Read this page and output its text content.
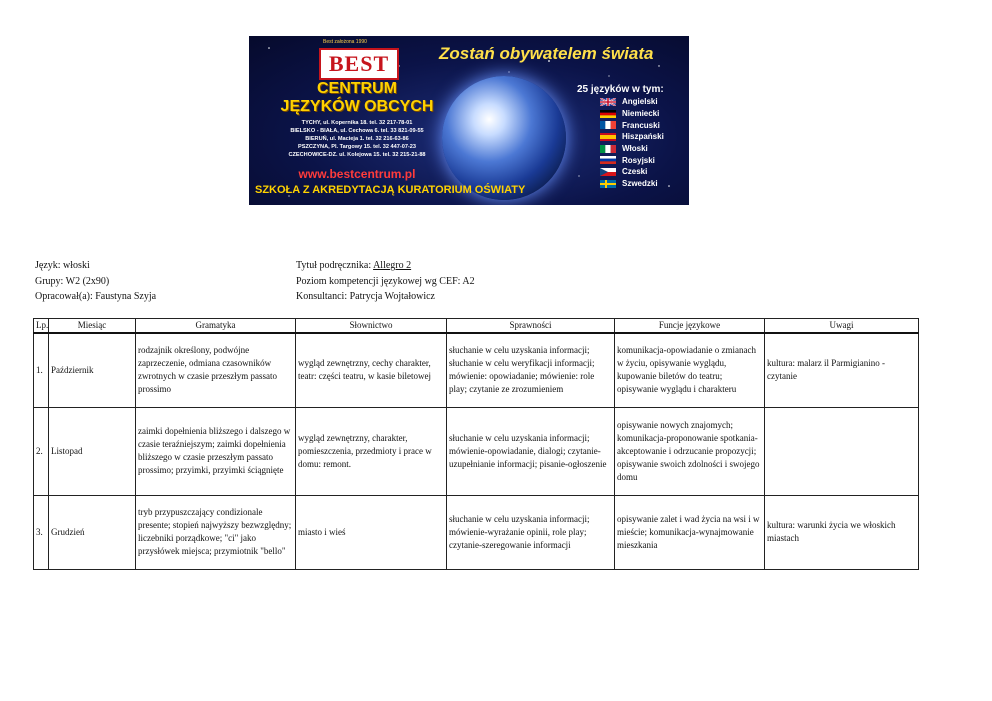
Best założona 1990
BEST	Zostań obywatelem świata
CENTRUM
JĘZYKÓW OBCYCH
TYCHY, ul. Kopernika 18. tel. 32 217-78-01
BIELSKO - BIAŁA, ul. Cechowa 6. tel. 33 821-09-55
BIERUŃ, ul. Macieja 1. tel. 32 216-63-86
PSZCZYNA, Pl. Targowy 15. tel. 32 447-07-23
CZECHOWICE-DZ. ul. Kolejowa 15. tel. 32 215-21-88
www.bestcentrum.pl
SZKOŁA Z AKREDYTACJĄ KURATORIUM OŚWIATY
25 języków w tym:
Angielski
Niemiecki
Francuski
Hiszpański
Włoski
Rosyjski
Czeski
Szwedzki
Język: włoski
Grupy: W2 (2x90)
Opracował(a): Faustyna Szyja
Tytuł podręcznika: Allegro 2
Poziom kompetencji językowej wg CEF: A2
Konsultanci: Patrycja Wojtałowicz
Lp.	Miesiąc	Gramatyka	Słownictwo	Sprawności	Funcje językowe	Uwagi
1.	Październik	rodzajnik określony, podwójne zaprzeczenie, odmiana czasowników zwrotnych w czasie przeszłym passato prossimo	wygląd zewnętrzny, cechy charakter, teatr: części teatru, w kasie biletowej	słuchanie w celu uzyskania informacji; słuchanie w celu weryfikacji informacji; mówienie: opowiadanie; mówienie: role play; czytanie ze zrozumieniem	komunikacja-opowiadanie o zmianach w życiu, opisywanie wyglądu, kupowanie biletów do teatru; opisywanie wyglądu i charakteru	kultura: malarz il Parmigianino - czytanie
2.	Listopad	zaimki dopełnienia bliższego i dalszego w czasie teraźniejszym; zaimki dopełnienia bliższego w czasie przeszłym passato prossimo; przyimki, przyimki ściągnięte	wygląd zewnętrzny, charakter, pomieszczenia, przedmioty i prace w domu: remont.	słuchanie w celu uzyskania informacji; mówienie-opowiadanie, dialogi; czytanie-uzupełnianie informacji; pisanie-ogłoszenie	opisywanie nowych znajomych; komunikacja-proponowanie spotkania-akceptowanie i odrzucanie propozycji; opisywanie swoich zdolności i swojego domu	
3.	Grudzień	tryb przypuszczający condizionale presente; stopień najwyższy bezwzględny; liczebniki porządkowe; "ci" jako przysłówek miejsca; przymiotnik "bello"	miasto i wieś	słuchanie w celu uzyskania informacji; mówienie-wyrażanie opinii, role play; czytanie-szeregowanie informacji	opisywanie zalet i wad życia na wsi i w mieście; komunikacja-wynajmowanie mieszkania	kultura: warunki życia we włoskich miastach
